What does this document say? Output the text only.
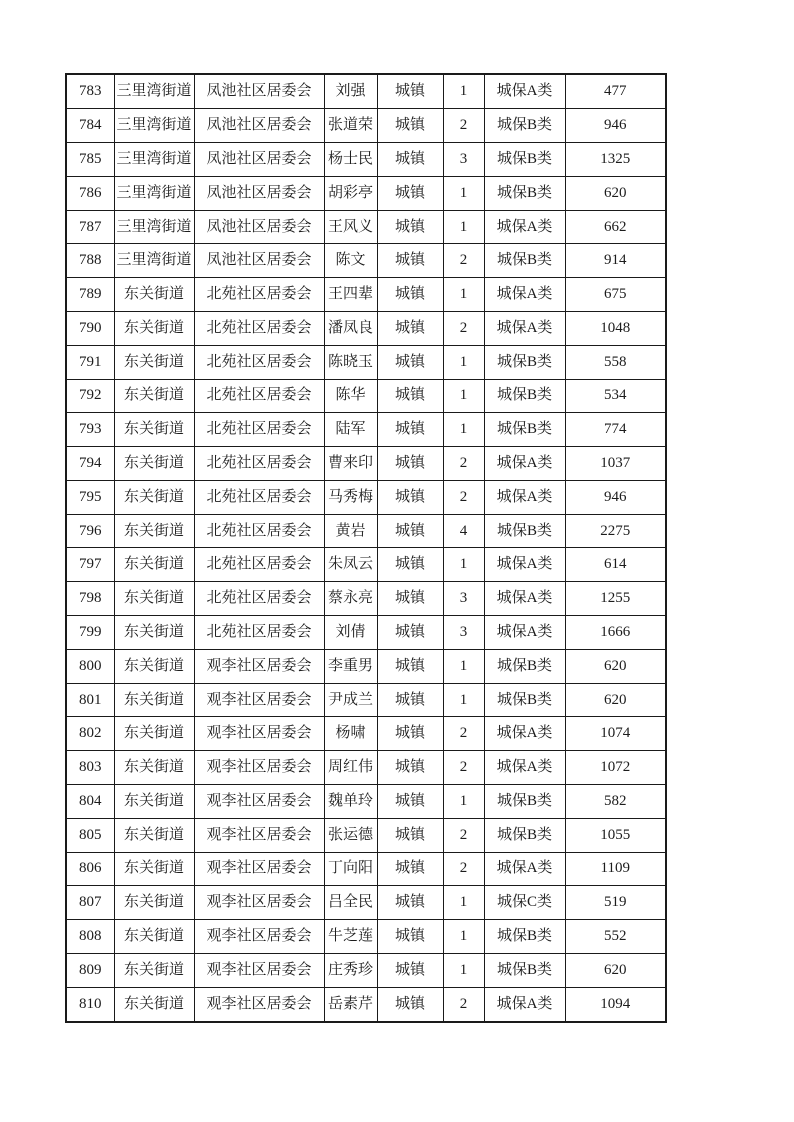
783	三里湾街道	凤池社区居委会	刘强	城镇	1	城保A类	477
784	三里湾街道	凤池社区居委会	张道荣	城镇	2	城保B类	946
785	三里湾街道	凤池社区居委会	杨士民	城镇	3	城保B类	1325
786	三里湾街道	凤池社区居委会	胡彩亭	城镇	1	城保B类	620
787	三里湾街道	凤池社区居委会	王风义	城镇	1	城保A类	662
788	三里湾街道	凤池社区居委会	陈文	城镇	2	城保B类	914
789	东关街道	北苑社区居委会	王四辈	城镇	1	城保A类	675
790	东关街道	北苑社区居委会	潘凤良	城镇	2	城保A类	1048
791	东关街道	北苑社区居委会	陈晓玉	城镇	1	城保B类	558
792	东关街道	北苑社区居委会	陈华	城镇	1	城保B类	534
793	东关街道	北苑社区居委会	陆军	城镇	1	城保B类	774
794	东关街道	北苑社区居委会	曹来印	城镇	2	城保A类	1037
795	东关街道	北苑社区居委会	马秀梅	城镇	2	城保A类	946
796	东关街道	北苑社区居委会	黄岩	城镇	4	城保B类	2275
797	东关街道	北苑社区居委会	朱凤云	城镇	1	城保A类	614
798	东关街道	北苑社区居委会	蔡永亮	城镇	3	城保A类	1255
799	东关街道	北苑社区居委会	刘倩	城镇	3	城保A类	1666
800	东关街道	观李社区居委会	李重男	城镇	1	城保B类	620
801	东关街道	观李社区居委会	尹成兰	城镇	1	城保B类	620
802	东关街道	观李社区居委会	杨啸	城镇	2	城保A类	1074
803	东关街道	观李社区居委会	周红伟	城镇	2	城保A类	1072
804	东关街道	观李社区居委会	魏单玲	城镇	1	城保B类	582
805	东关街道	观李社区居委会	张运德	城镇	2	城保B类	1055
806	东关街道	观李社区居委会	丁向阳	城镇	2	城保A类	1109
807	东关街道	观李社区居委会	吕全民	城镇	1	城保C类	519
808	东关街道	观李社区居委会	牛芝莲	城镇	1	城保B类	552
809	东关街道	观李社区居委会	庄秀珍	城镇	1	城保B类	620
810	东关街道	观李社区居委会	岳素芹	城镇	2	城保A类	1094
